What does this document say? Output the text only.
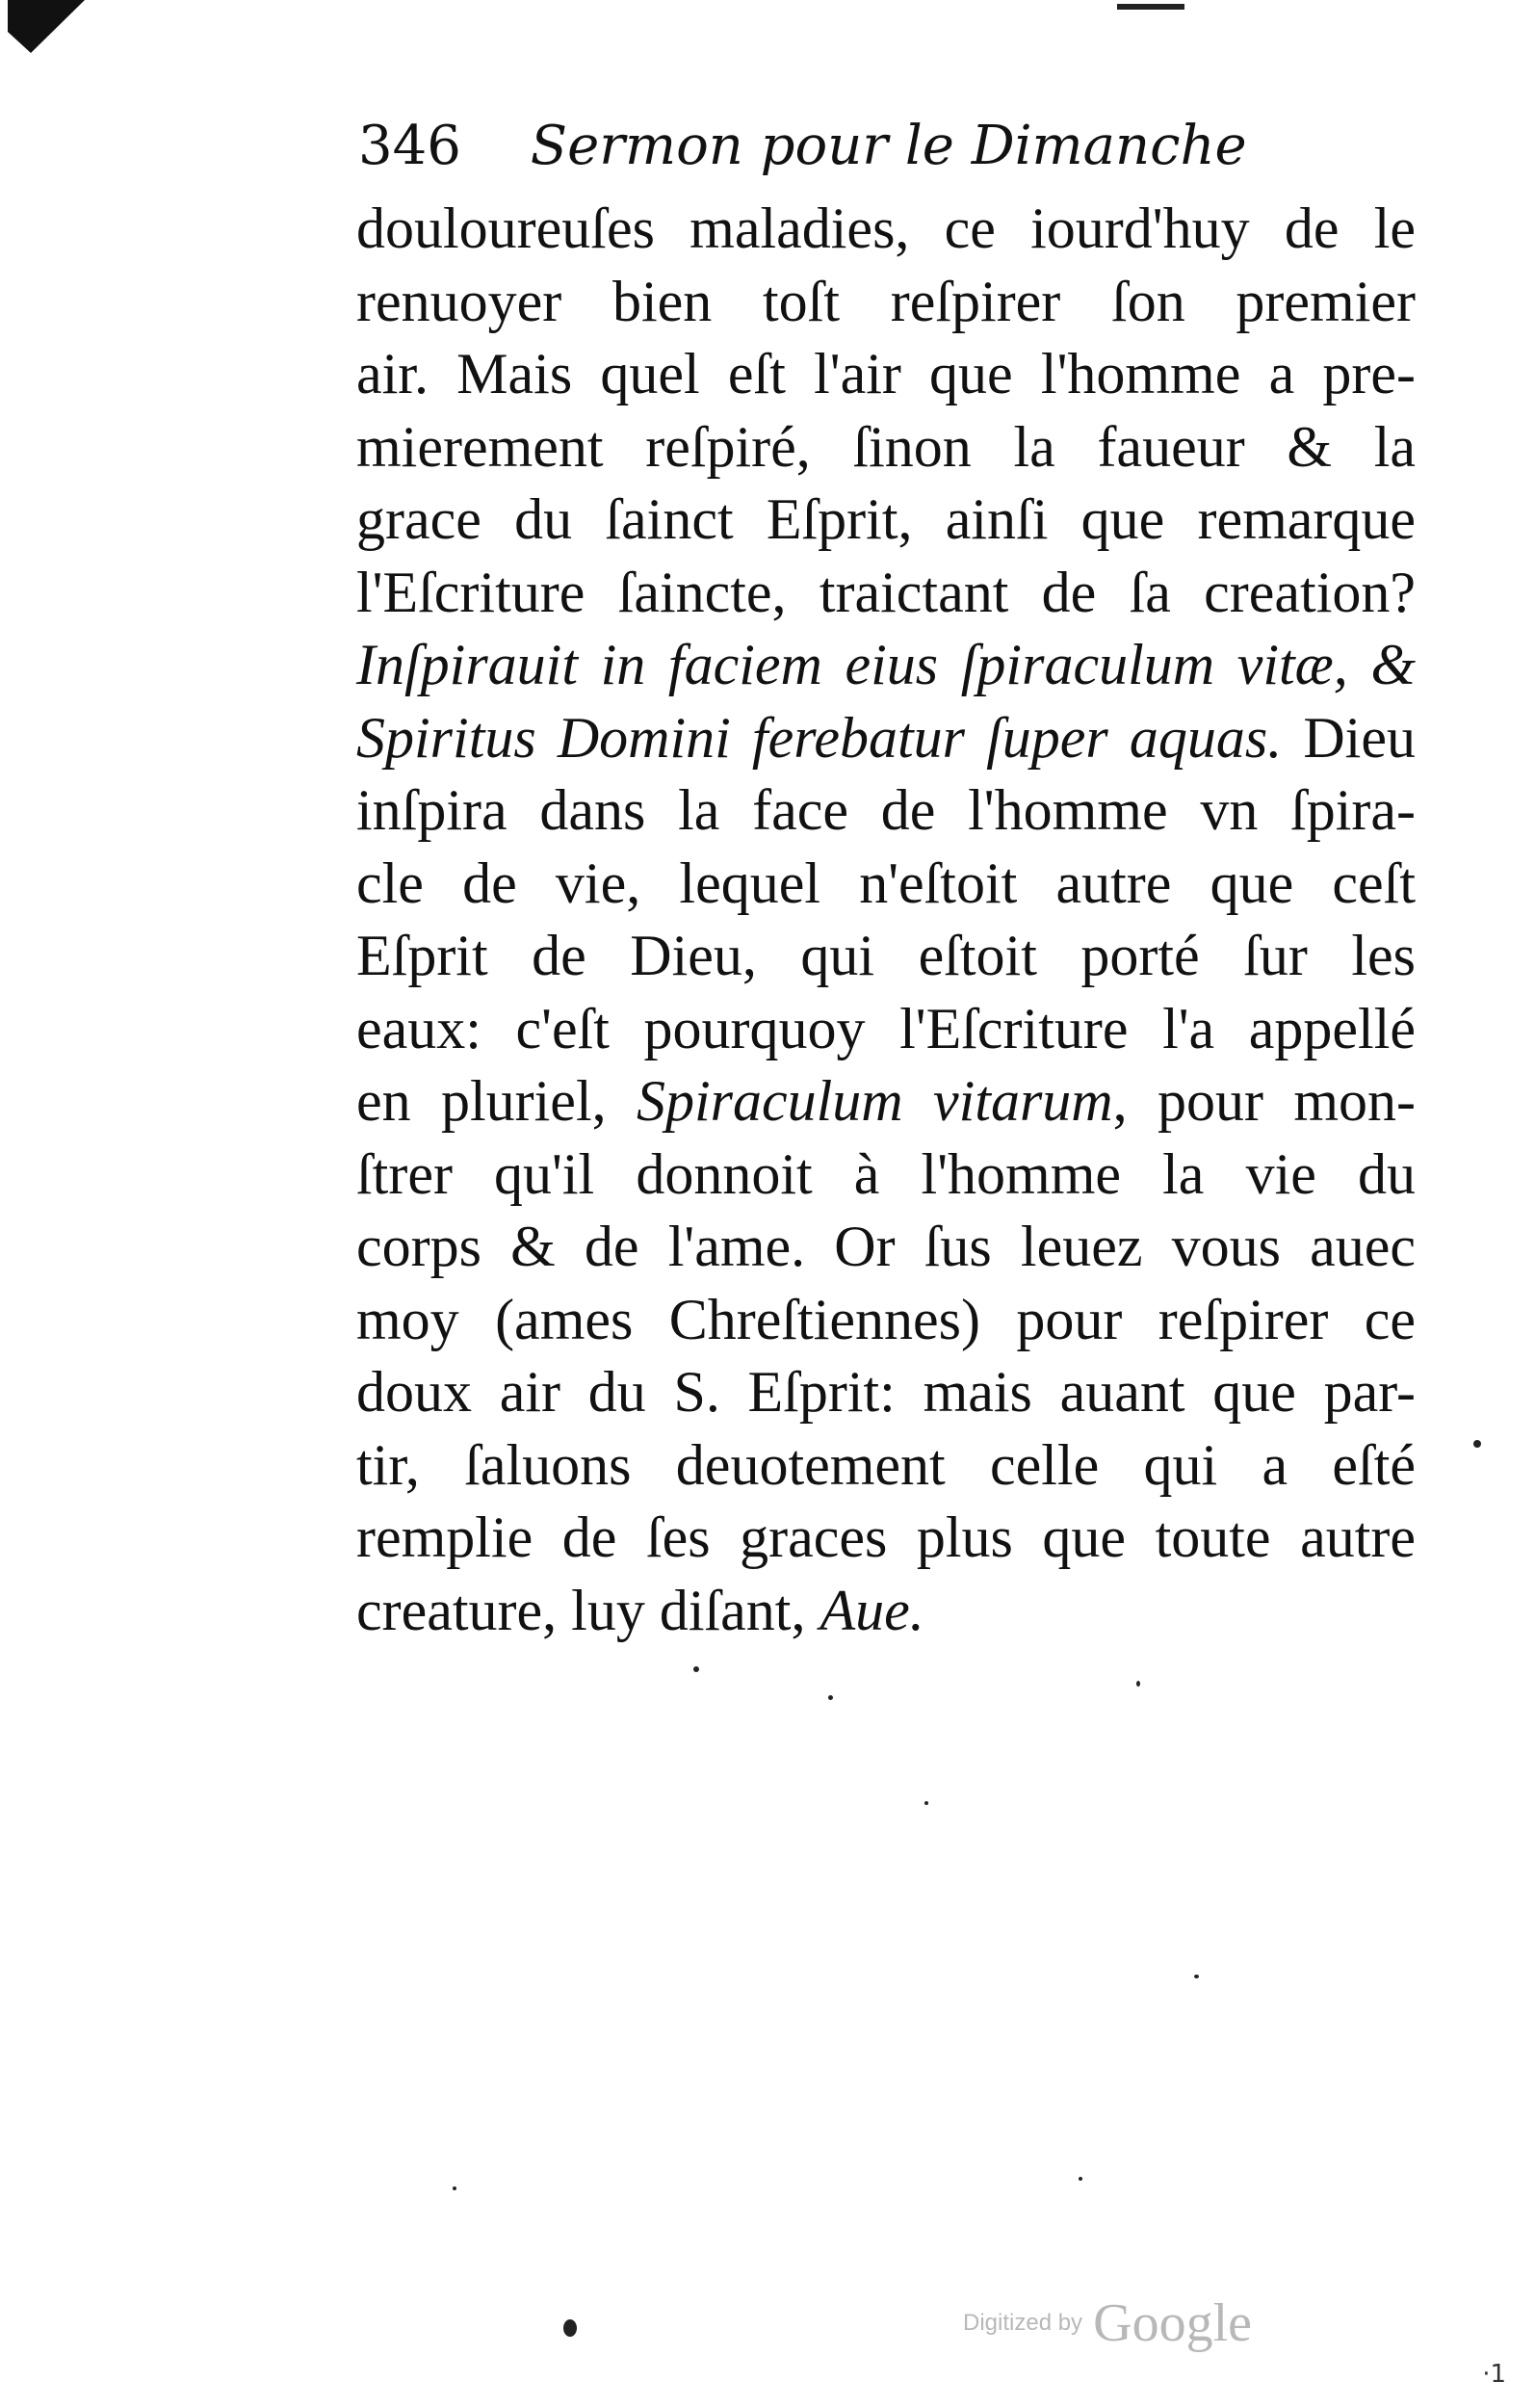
346 Sermon pour le Dimanche
douloureuſes maladies, ce iourd'huy de le
renuoyer bien toſt reſpirer ſon premier
air. Mais quel eſt l'air que l'homme a pre-
mierement reſpiré, ſinon la faueur & la
grace du ſainct Eſprit, ainſi que remarque
l'Eſcriture ſaincte, traictant de ſa creation?
Inſpirauit in faciem eius ſpiraculum vitæ, &
Spiritus Domini ferebatur ſuper aquas. Dieu
inſpira dans la face de l'homme vn ſpira-
cle de vie, lequel n'eſtoit autre que ceſt
Eſprit de Dieu, qui eſtoit porté ſur les
eaux: c'eſt pourquoy l'Eſcriture l'a appellé
en pluriel, Spiraculum vitarum, pour mon-
ſtrer qu'il donnoit à l'homme la vie du
corps & de l'ame. Or ſus leuez vous auec
moy (ames Chreſtiennes) pour reſpirer ce
doux air du S. Eſprit: mais auant que par-
tir, ſaluons deuotement celle qui a eſté
remplie de ſes graces plus que toute autre
creature, luy diſant, Aue.
Digitized by Google
·1
